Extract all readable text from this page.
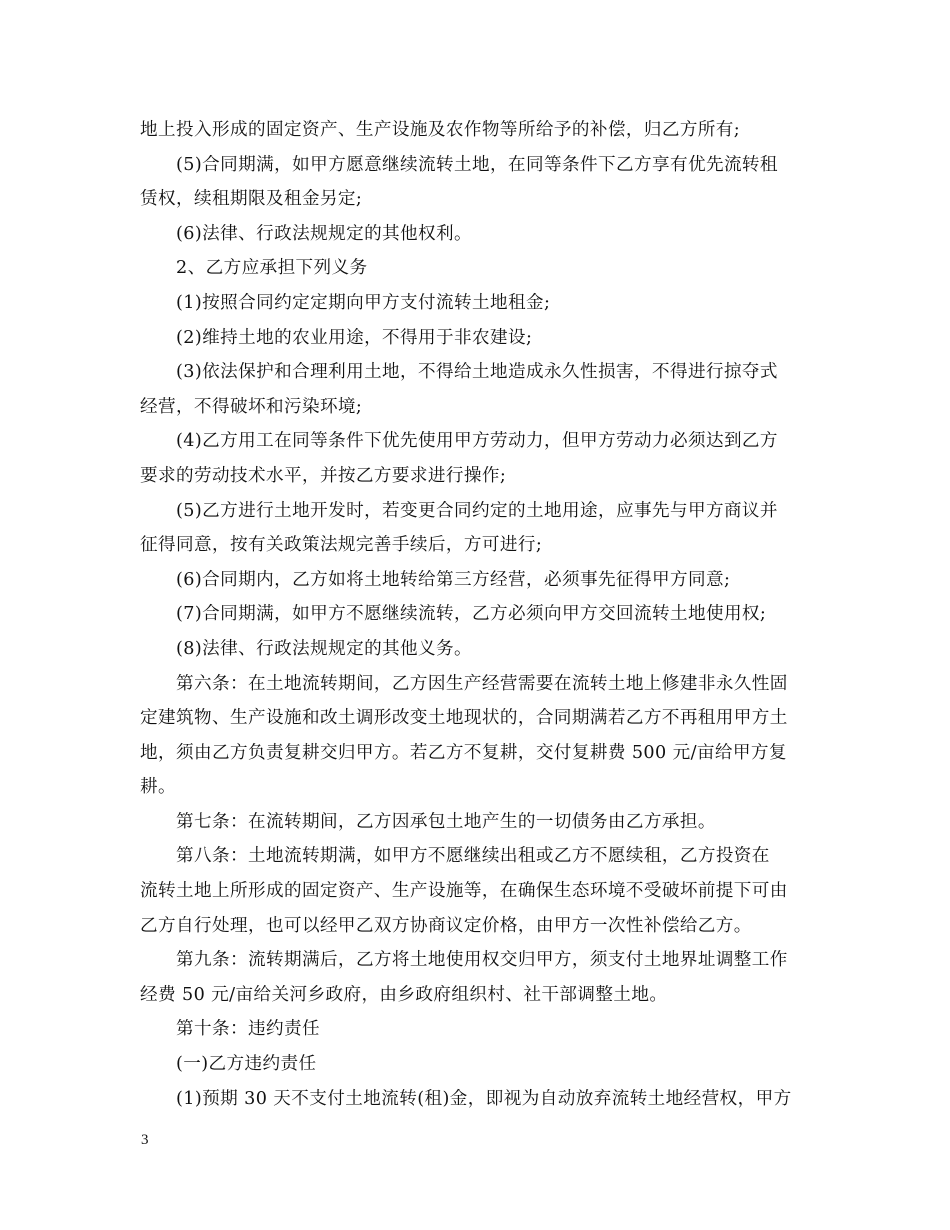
地上投入形成的固定资产、生产设施及农作物等所给予的补偿，归乙方所有;
(5)合同期满，如甲方愿意继续流转土地，在同等条件下乙方享有优先流转租
赁权，续租期限及租金另定;
(6)法律、行政法规规定的其他权利。
2、乙方应承担下列义务
(1)按照合同约定定期向甲方支付流转土地租金;
(2)维持土地的农业用途，不得用于非农建设;
(3)依法保护和合理利用土地，不得给土地造成永久性损害，不得进行掠夺式
经营，不得破坏和污染环境;
(4)乙方用工在同等条件下优先使用甲方劳动力，但甲方劳动力必须达到乙方
要求的劳动技术水平，并按乙方要求进行操作;
(5)乙方进行土地开发时，若变更合同约定的土地用途，应事先与甲方商议并
征得同意，按有关政策法规完善手续后，方可进行;
(6)合同期内，乙方如将土地转给第三方经营，必须事先征得甲方同意;
(7)合同期满，如甲方不愿继续流转，乙方必须向甲方交回流转土地使用权;
(8)法律、行政法规规定的其他义务。
第六条：在土地流转期间，乙方因生产经营需要在流转土地上修建非永久性固
定建筑物、生产设施和改土调形改变土地现状的，合同期满若乙方不再租用甲方土
地，须由乙方负责复耕交归甲方。若乙方不复耕，交付复耕费 500 元/亩给甲方复
耕。
第七条：在流转期间，乙方因承包土地产生的一切债务由乙方承担。
第八条：土地流转期满，如甲方不愿继续出租或乙方不愿续租，乙方投资在
流转土地上所形成的固定资产、生产设施等，在确保生态环境不受破坏前提下可由
乙方自行处理，也可以经甲乙双方协商议定价格，由甲方一次性补偿给乙方。
第九条：流转期满后，乙方将土地使用权交归甲方，须支付土地界址调整工作
经费 50 元/亩给关河乡政府，由乡政府组织村、社干部调整土地。
第十条：违约责任
(一)乙方违约责任
(1)预期 30 天不支付土地流转(租)金，即视为自动放弃流转土地经营权，甲方
3
